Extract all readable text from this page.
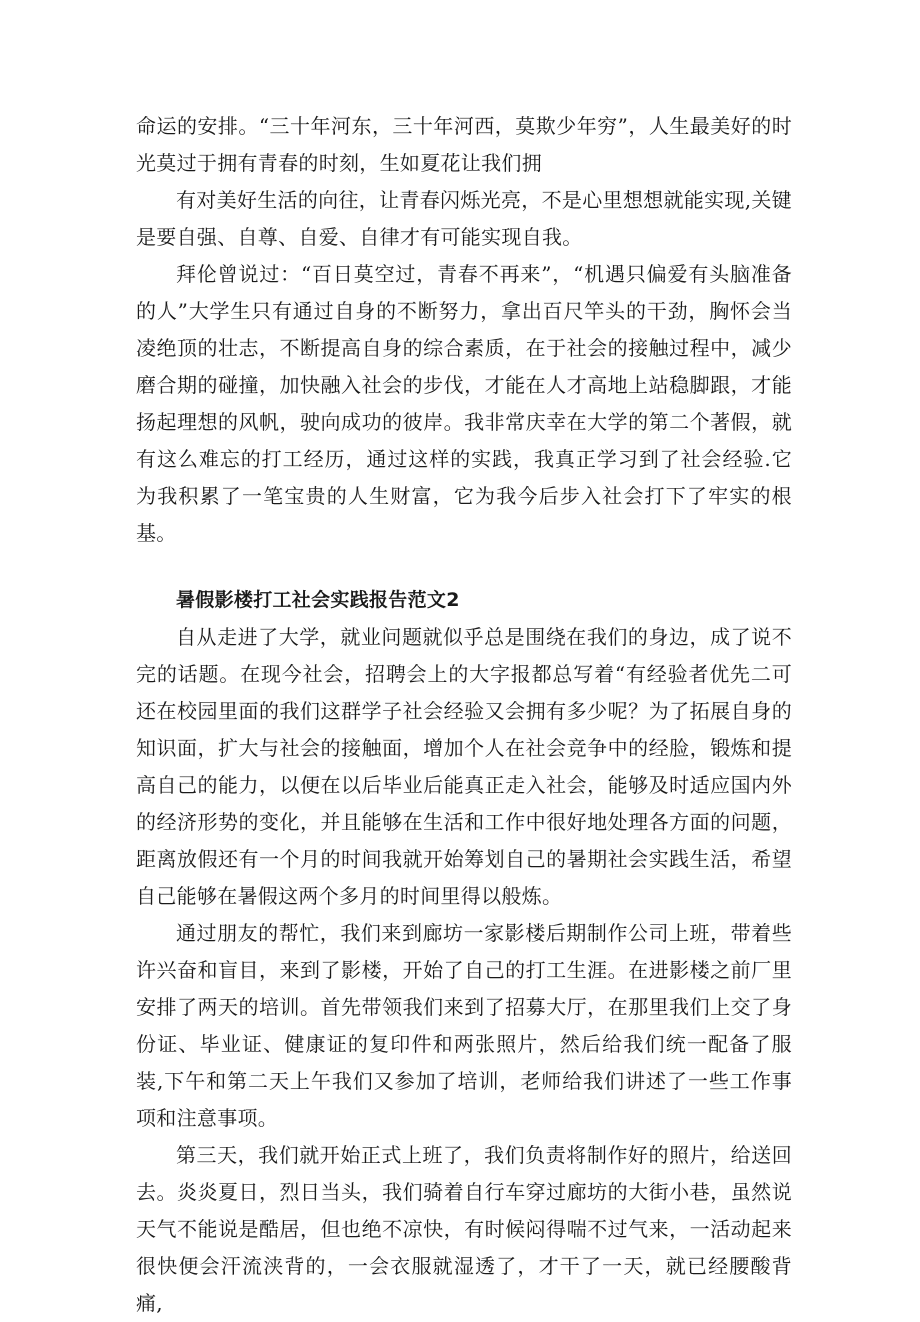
命运的安排。“三十年河东，三十年河西，莫欺少年穷”，人生最美好的时光莫过于拥有青春的时刻，生如夏花让我们拥

有对美好生活的向往，让青春闪烁光亮，不是心里想想就能实现,关键是要自强、自尊、自爱、自律才有可能实现自我。

拜伦曾说过：“百日莫空过，青春不再来”，“机遇只偏爱有头脑准备的人”大学生只有通过自身的不断努力，拿出百尺竿头的干劲，胸怀会当凌绝顶的壮志，不断提高自身的综合素质，在于社会的接触过程中，减少磨合期的碰撞，加快融入社会的步伐，才能在人才高地上站稳脚跟，才能扬起理想的风帆，驶向成功的彼岸。我非常庆幸在大学的第二个著假，就有这么难忘的打工经历，通过这样的实践，我真正学习到了社会经验.它为我积累了一笔宝贵的人生财富，它为我今后步入社会打下了牢实的根基。

暑假影楼打工社会实践报告范文2

自从走进了大学，就业问题就似乎总是围绕在我们的身边，成了说不完的话题。在现今社会，招聘会上的大字报都总写着“有经验者优先二可还在校园里面的我们这群学子社会经验又会拥有多少呢？为了拓展自身的知识面，扩大与社会的接触面，增加个人在社会竞争中的经脸，锻炼和提高自己的能力，以便在以后毕业后能真正走入社会，能够及时适应国内外的经济形势的变化，并且能够在生活和工作中很好地处理各方面的问题，距离放假还有一个月的时间我就开始筹划自己的暑期社会实践生活，希望自己能够在暑假这两个多月的时间里得以般炼。

通过朋友的帮忙，我们来到廊坊一家影楼后期制作公司上班，带着些许兴奋和盲目，来到了影楼，开始了自己的打工生涯。在进影楼之前厂里安排了两天的培训。首先带领我们来到了招募大厅，在那里我们上交了身份证、毕业证、健康证的复印件和两张照片，然后给我们统一配备了服装,下午和第二天上午我们又参加了培训，老师给我们讲述了一些工作事项和注意事项。

第三天，我们就开始正式上班了，我们负责将制作好的照片，给送回去。炎炎夏日，烈日当头，我们骑着自行车穿过廊坊的大街小巷，虽然说天气不能说是酷居，但也绝不凉快，有时候闷得喘不过气来，一活动起来很快便会汗流浃背的，一会衣服就湿透了，才干了一天，就已经腰酸背痛,
